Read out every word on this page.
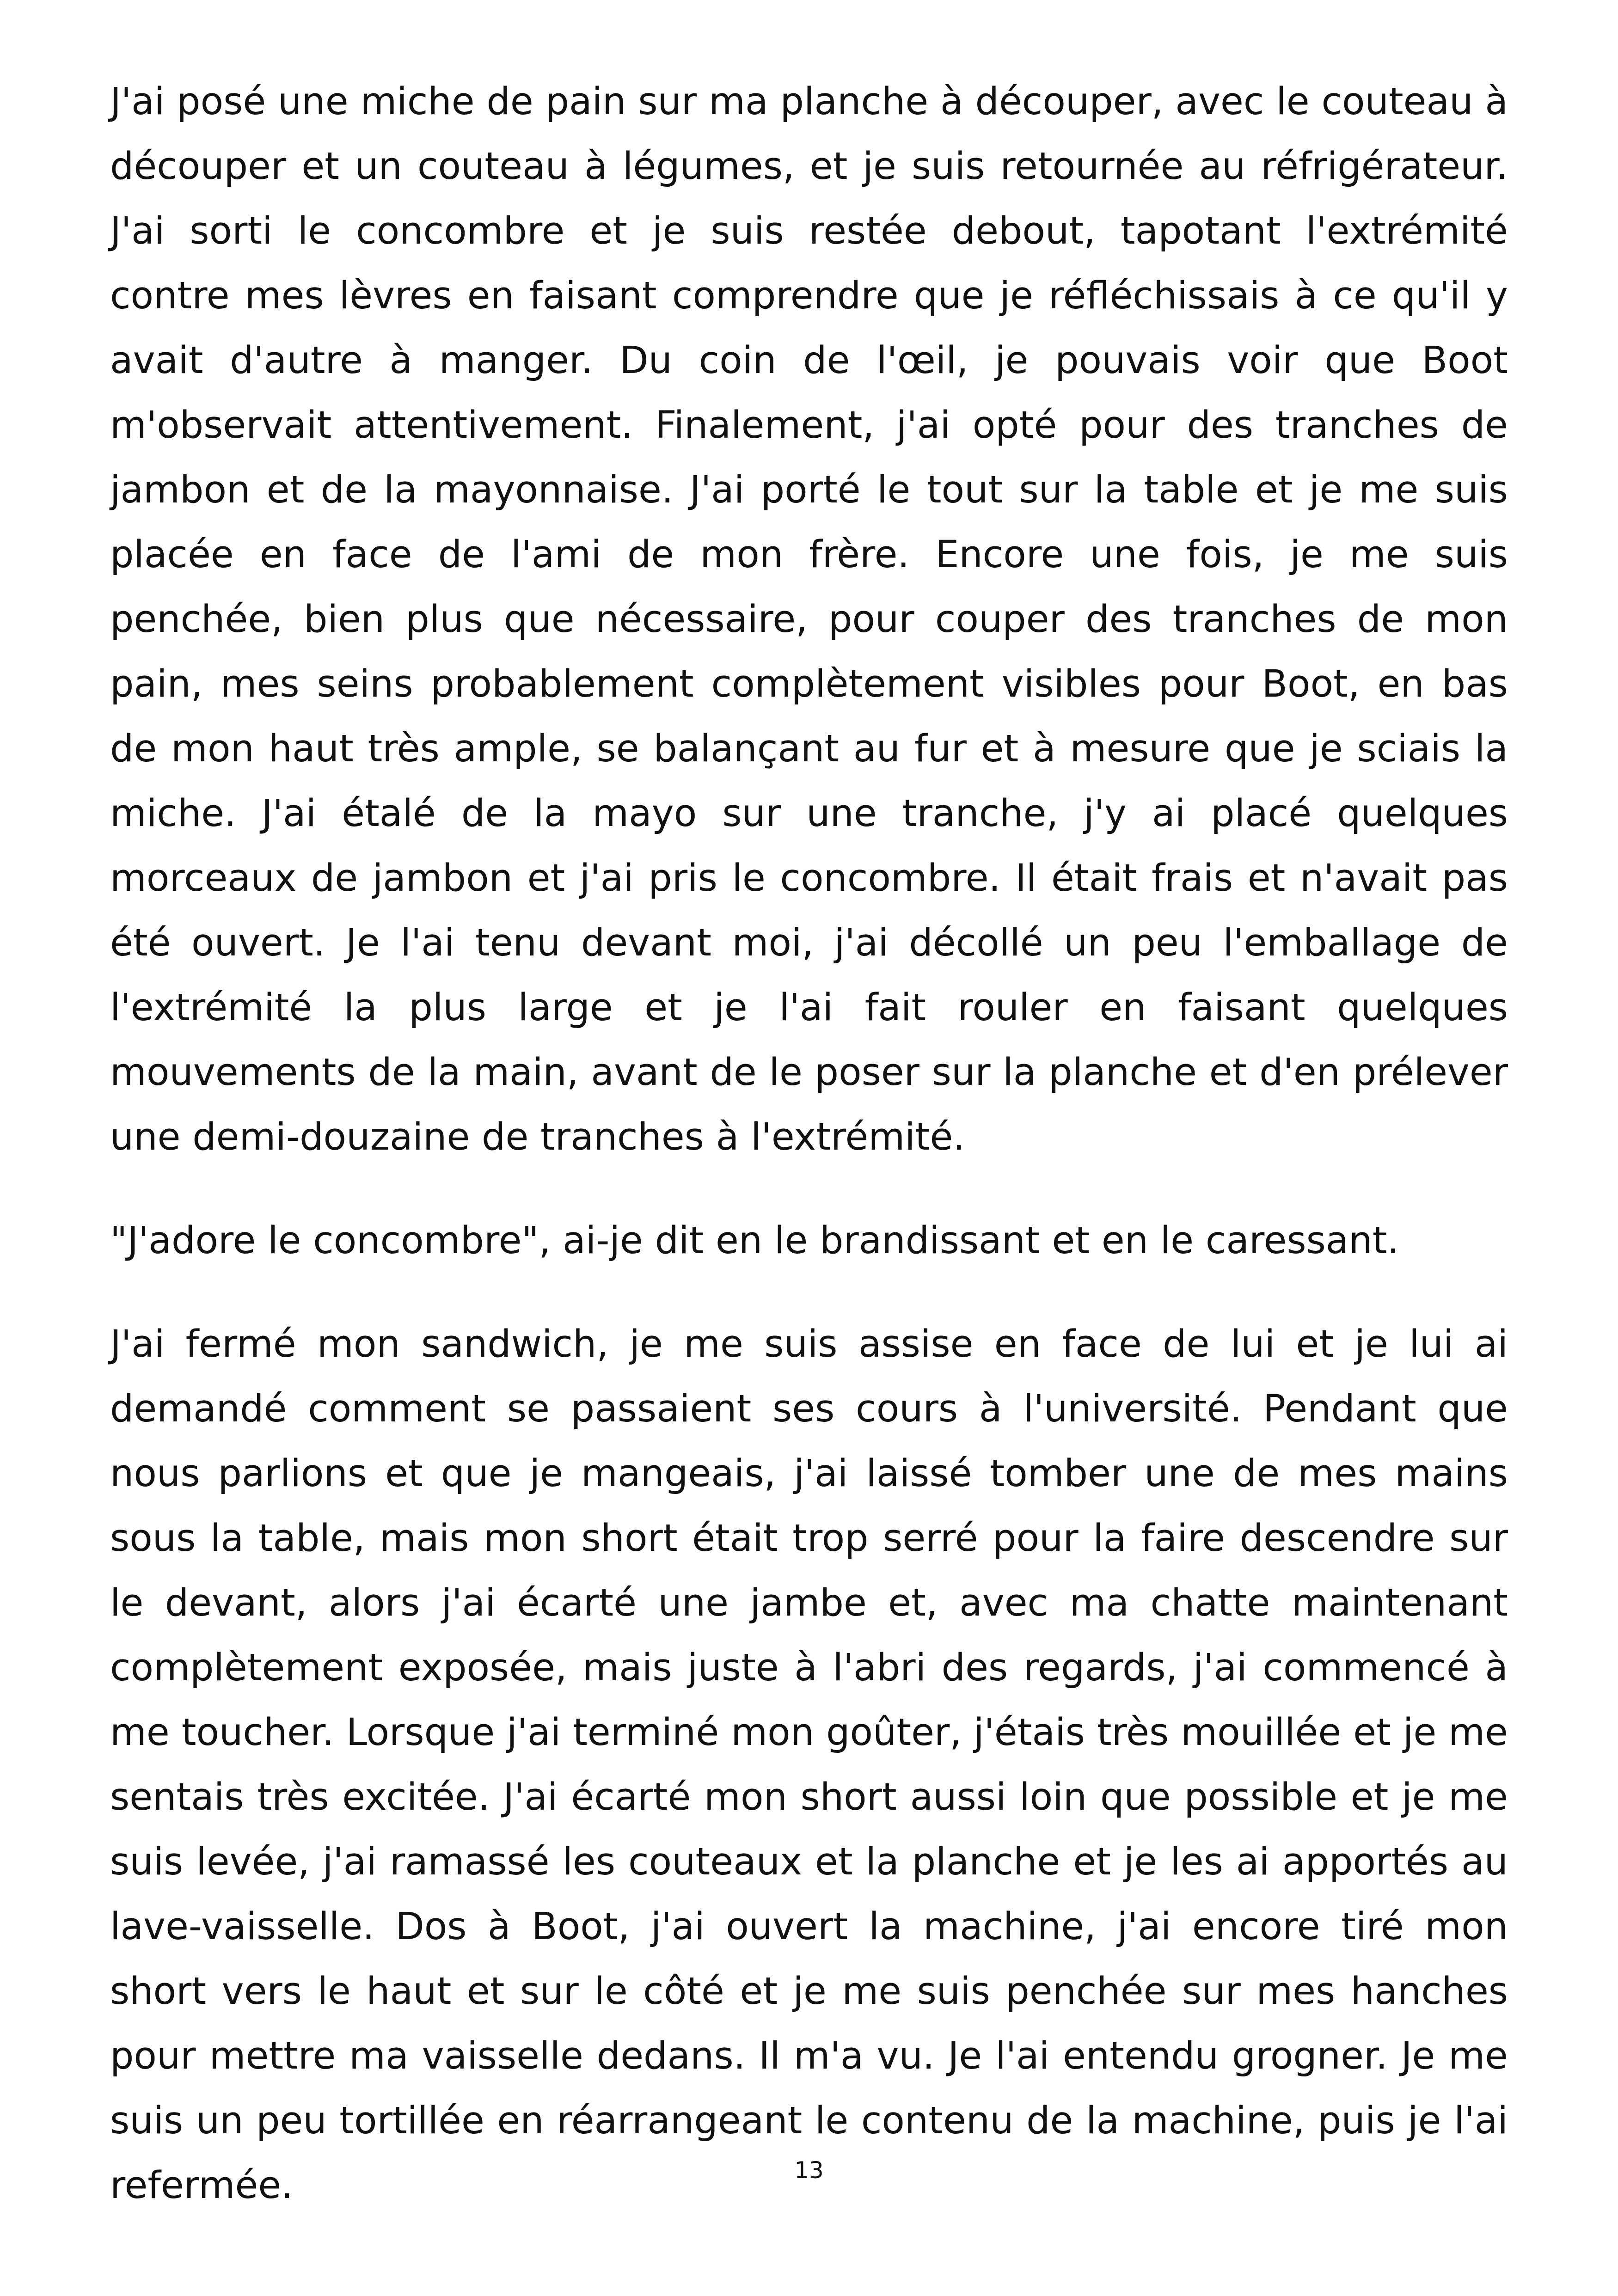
J'ai posé une miche de pain sur ma planche à découper, avec le couteau à découper et un couteau à légumes, et je suis retournée au réfrigérateur. J'ai sorti le concombre et je suis restée debout, tapotant l'extrémité contre mes lèvres en faisant comprendre que je réfléchissais à ce qu'il y avait d'autre à manger. Du coin de l'œil, je pouvais voir que Boot m'observait attentivement. Finalement, j'ai opté pour des tranches de jambon et de la mayonnaise. J'ai porté le tout sur la table et je me suis placée en face de l'ami de mon frère. Encore une fois, je me suis penchée, bien plus que nécessaire, pour couper des tranches de mon pain, mes seins probablement complètement visibles pour Boot, en bas de mon haut très ample, se balançant au fur et à mesure que je sciais la miche. J'ai étalé de la mayo sur une tranche, j'y ai placé quelques morceaux de jambon et j'ai pris le concombre. Il était frais et n'avait pas été ouvert. Je l'ai tenu devant moi, j'ai décollé un peu l'emballage de l'extrémité la plus large et je l'ai fait rouler en faisant quelques mouvements de la main, avant de le poser sur la planche et d'en prélever une demi-douzaine de tranches à l'extrémité.

"J'adore le concombre", ai-je dit en le brandissant et en le caressant.

J'ai fermé mon sandwich, je me suis assise en face de lui et je lui ai demandé comment se passaient ses cours à l'université. Pendant que nous parlions et que je mangeais, j'ai laissé tomber une de mes mains sous la table, mais mon short était trop serré pour la faire descendre sur le devant, alors j'ai écarté une jambe et, avec ma chatte maintenant complètement exposée, mais juste à l'abri des regards, j'ai commencé à me toucher. Lorsque j'ai terminé mon goûter, j'étais très mouillée et je me sentais très excitée. J'ai écarté mon short aussi loin que possible et je me suis levée, j'ai ramassé les couteaux et la planche et je les ai apportés au lave-vaisselle. Dos à Boot, j'ai ouvert la machine, j'ai encore tiré mon short vers le haut et sur le côté et je me suis penchée sur mes hanches pour mettre ma vaisselle dedans. Il m'a vu. Je l'ai entendu grogner. Je me suis un peu tortillée en réarrangeant le contenu de la machine, puis je l'ai refermée.	13
